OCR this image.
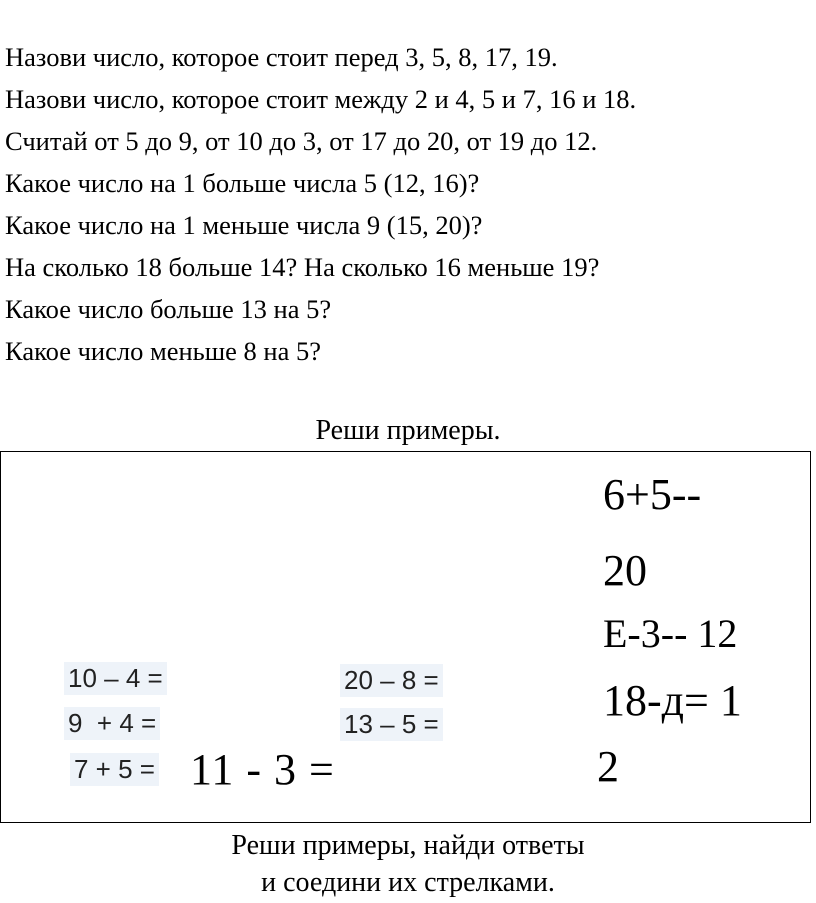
Назови число, которое стоит перед 3, 5, 8, 17, 19.
Назови число, которое стоит между 2 и 4, 5 и 7, 16 и 18.
Считай от 5 до 9, от 10 до 3, от 17 до 20, от 19 до 12.
Какое число на 1 больше числа 5 (12, 16)?
Какое число на 1 меньше числа 9 (15, 20)?
На сколько 18 больше 14? На сколько 16 меньше 19?
Какое число больше 13 на 5?
Какое число меньше 8 на 5?
Реши примеры.
10 – 4 =
9  + 4 =
7 + 5 = 11 - 3 =
20 – 8 =
13 – 5 =
6+5--
20
Е-3-- 12
18-д= 1
2
Реши примеры, найди ответы
и соедини их стрелками.
